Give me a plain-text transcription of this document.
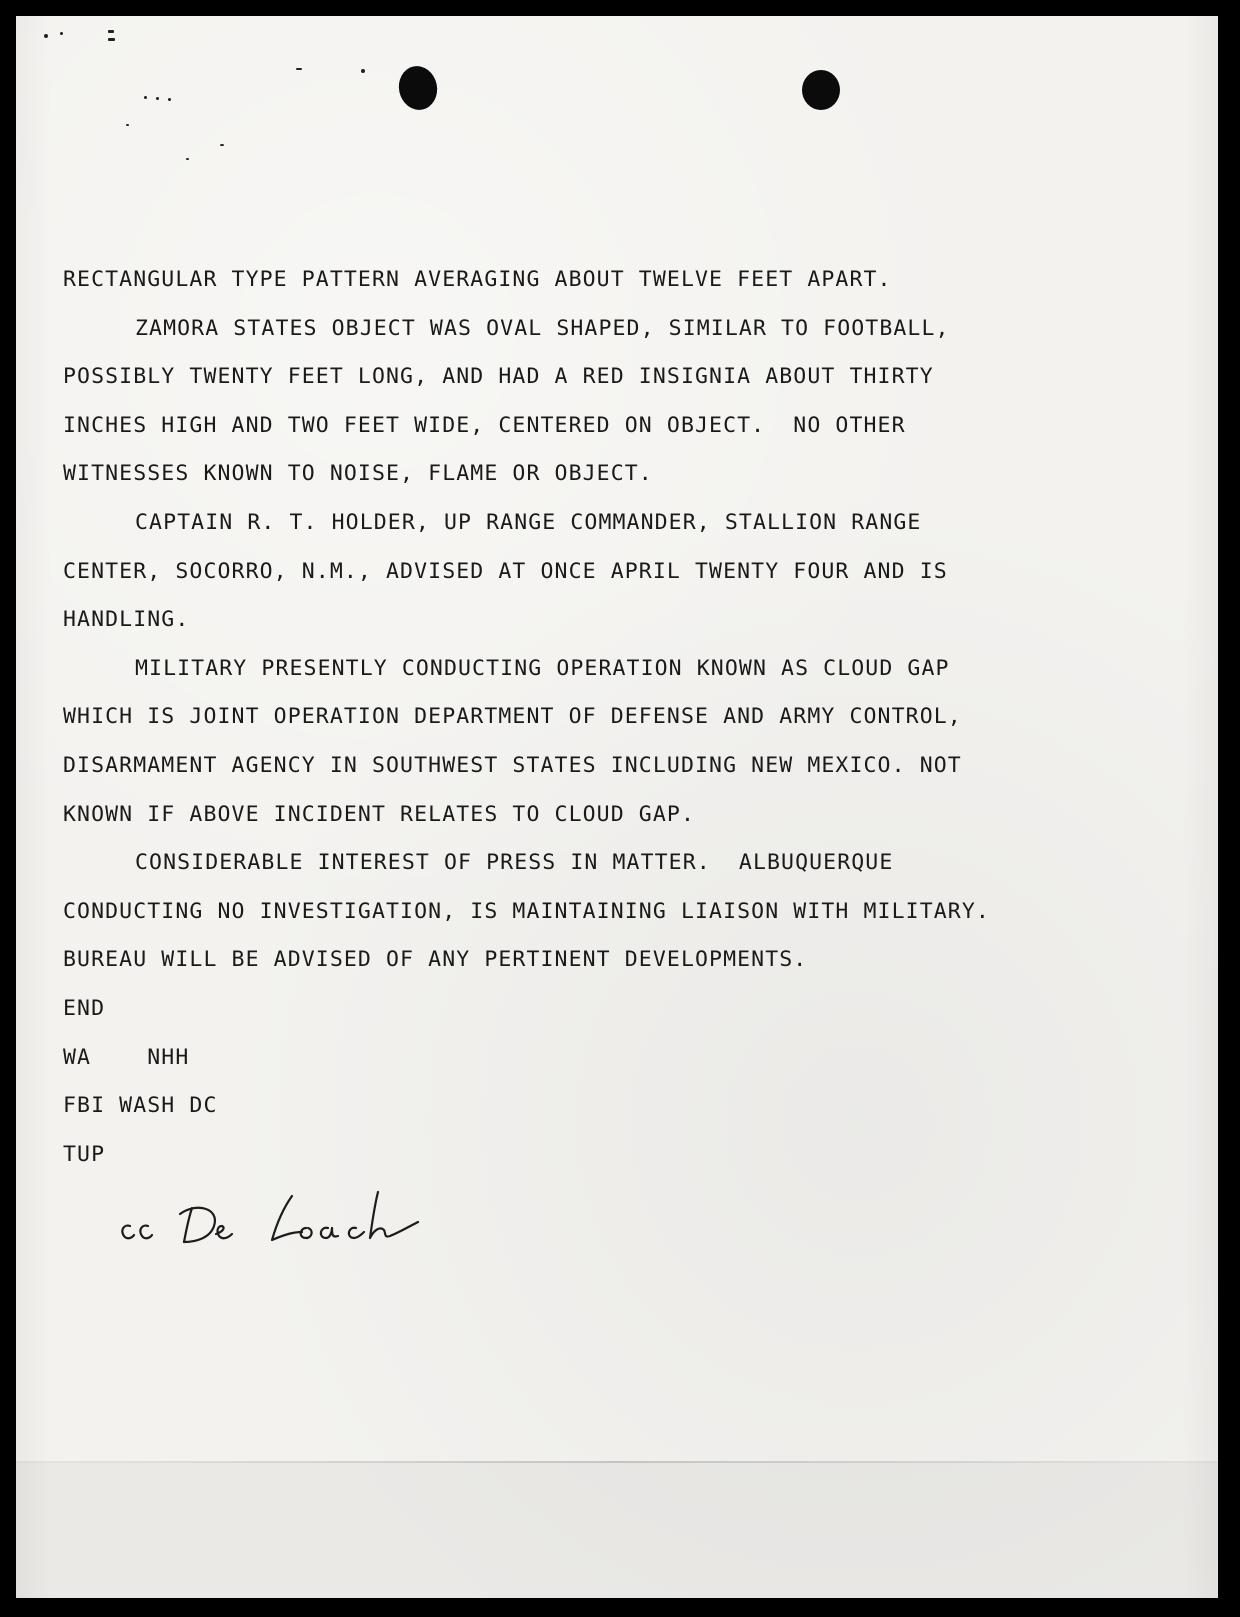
RECTANGULAR TYPE PATTERN AVERAGING ABOUT TWELVE FEET APART.
ZAMORA STATES OBJECT WAS OVAL SHAPED, SIMILAR TO FOOTBALL,
POSSIBLY TWENTY FEET LONG, AND HAD A RED INSIGNIA ABOUT THIRTY
INCHES HIGH AND TWO FEET WIDE, CENTERED ON OBJECT.  NO OTHER
WITNESSES KNOWN TO NOISE, FLAME OR OBJECT.
CAPTAIN R. T. HOLDER, UP RANGE COMMANDER, STALLION RANGE
CENTER, SOCORRO, N.M., ADVISED AT ONCE APRIL TWENTY FOUR AND IS
HANDLING.
MILITARY PRESENTLY CONDUCTING OPERATION KNOWN AS CLOUD GAP
WHICH IS JOINT OPERATION DEPARTMENT OF DEFENSE AND ARMY CONTROL,
DISARMAMENT AGENCY IN SOUTHWEST STATES INCLUDING NEW MEXICO. NOT
KNOWN IF ABOVE INCIDENT RELATES TO CLOUD GAP.
CONSIDERABLE INTEREST OF PRESS IN MATTER.  ALBUQUERQUE
CONDUCTING NO INVESTIGATION, IS MAINTAINING LIAISON WITH MILITARY.
BUREAU WILL BE ADVISED OF ANY PERTINENT DEVELOPMENTS.
END
WA    NHH
FBI WASH DC
TUP
